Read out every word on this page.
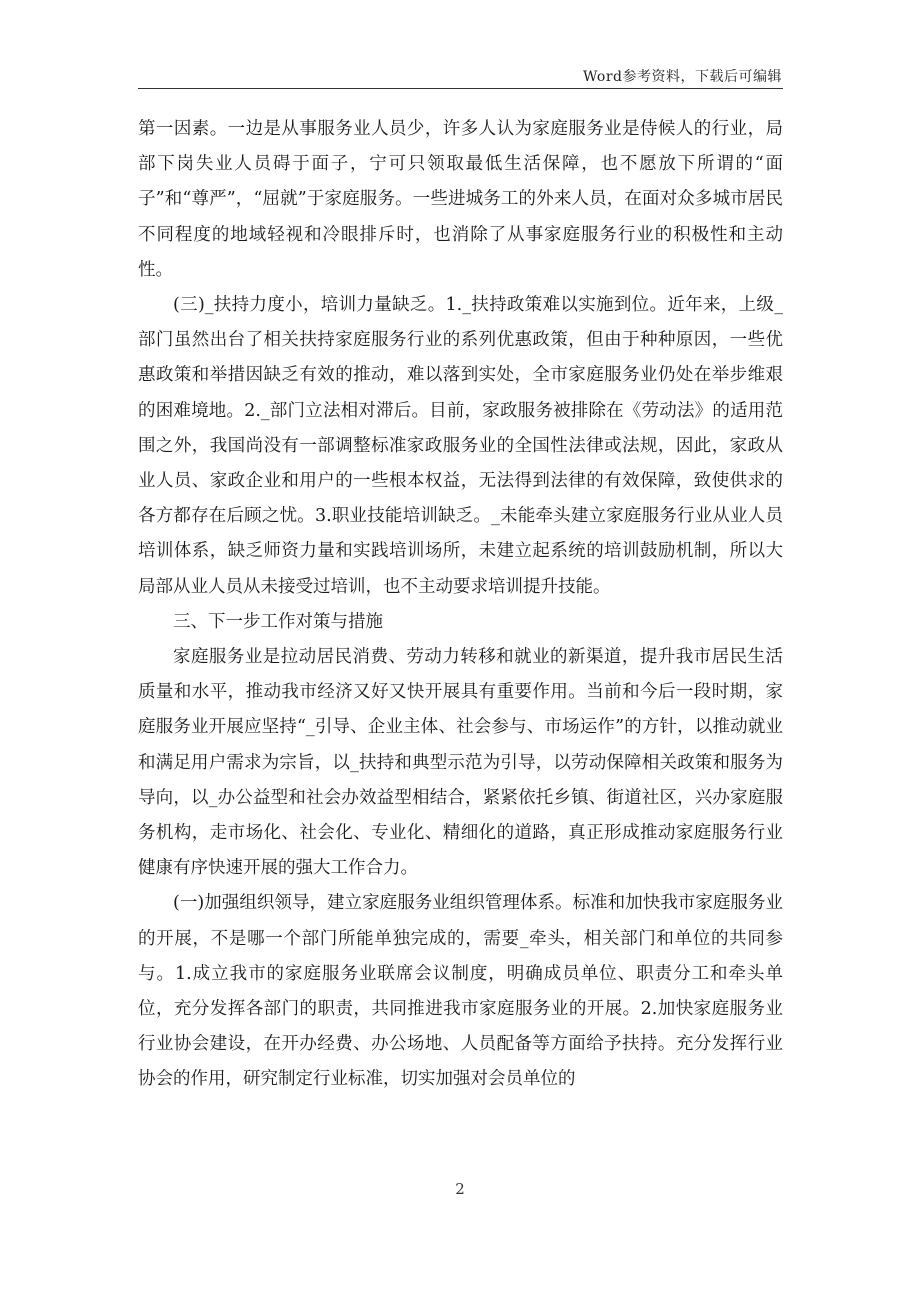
Word参考资料，下载后可编辑

第一因素。一边是从事服务业人员少，许多人认为家庭服务业是侍候人的行业，局部下岗失业人员碍于面子，宁可只领取最低生活保障，也不愿放下所谓的“面子”和“尊严”，“屈就”于家庭服务。一些进城务工的外来人员，在面对众多城市居民不同程度的地域轻视和冷眼排斥时，也消除了从事家庭服务行业的积极性和主动性。

(三)_扶持力度小，培训力量缺乏。1._扶持政策难以实施到位。近年来，上级_部门虽然出台了相关扶持家庭服务行业的系列优惠政策，但由于种种原因，一些优惠政策和举措因缺乏有效的推动，难以落到实处，全市家庭服务业仍处在举步维艰的困难境地。2._部门立法相对滞后。目前，家政服务被排除在《劳动法》的适用范围之外，我国尚没有一部调整标准家政服务业的全国性法律或法规，因此，家政从业人员、家政企业和用户的一些根本权益，无法得到法律的有效保障，致使供求的各方都存在后顾之忧。3.职业技能培训缺乏。_未能牵头建立家庭服务行业从业人员培训体系，缺乏师资力量和实践培训场所，未建立起系统的培训鼓励机制，所以大局部从业人员从未接受过培训，也不主动要求培训提升技能。

三、下一步工作对策与措施

家庭服务业是拉动居民消费、劳动力转移和就业的新渠道，提升我市居民生活质量和水平，推动我市经济又好又快开展具有重要作用。当前和今后一段时期，家庭服务业开展应坚持“_引导、企业主体、社会参与、市场运作”的方针，以推动就业和满足用户需求为宗旨，以_扶持和典型示范为引导，以劳动保障相关政策和服务为导向，以_办公益型和社会办效益型相结合，紧紧依托乡镇、街道社区，兴办家庭服务机构，走市场化、社会化、专业化、精细化的道路，真正形成推动家庭服务行业健康有序快速开展的强大工作合力。

(一)加强组织领导，建立家庭服务业组织管理体系。标准和加快我市家庭服务业的开展，不是哪一个部门所能单独完成的，需要_牵头，相关部门和单位的共同参与。1.成立我市的家庭服务业联席会议制度，明确成员单位、职责分工和牵头单位，充分发挥各部门的职责，共同推进我市家庭服务业的开展。2.加快家庭服务业行业协会建设，在开办经费、办公场地、人员配备等方面给予扶持。充分发挥行业协会的作用，研究制定行业标准，切实加强对会员单位的

2
